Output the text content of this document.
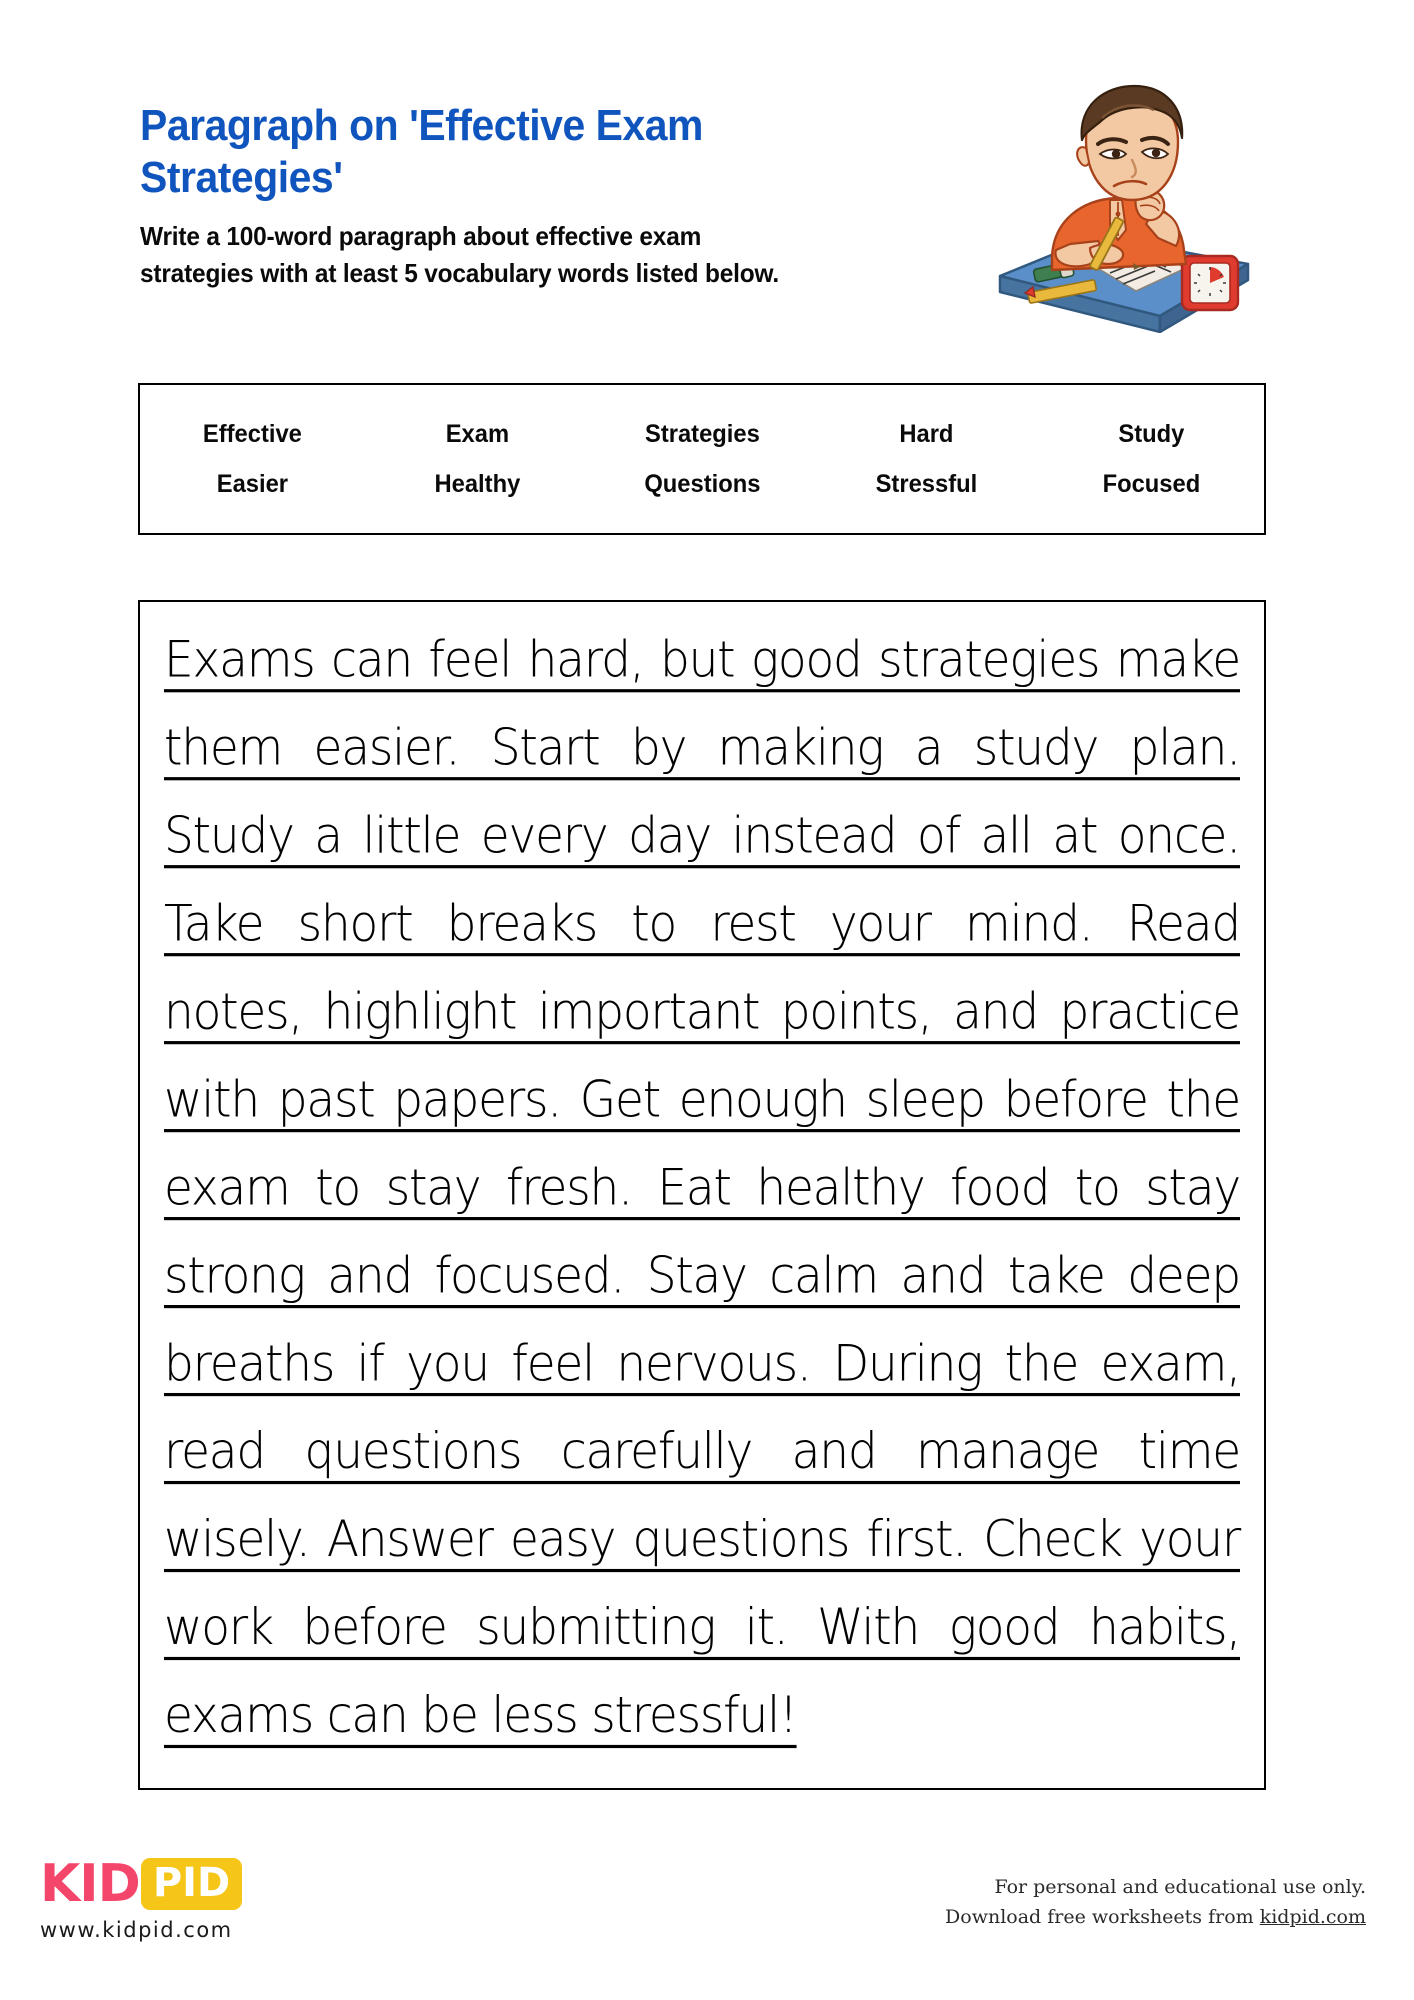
Paragraph on 'Effective Exam Strategies'

Write a 100-word paragraph about effective exam strategies with at least 5 vocabulary words listed below.

Effective	Exam	Strategies	Hard	Study
Easier	Healthy	Questions	Stressful	Focused

Exams can feel hard, but good strategies make them easier. Start by making a study plan. Study a little every day instead of all at once. Take short breaks to rest your mind. Read notes, highlight important points, and practice with past papers. Get enough sleep before the exam to stay fresh. Eat healthy food to stay strong and focused. Stay calm and take deep breaths if you feel nervous. During the exam, read questions carefully and manage time wisely. Answer easy questions first. Check your work before submitting it. With good habits, exams can be less stressful!

KID PID
www.kidpid.com
For personal and educational use only.
Download free worksheets from kidpid.com
